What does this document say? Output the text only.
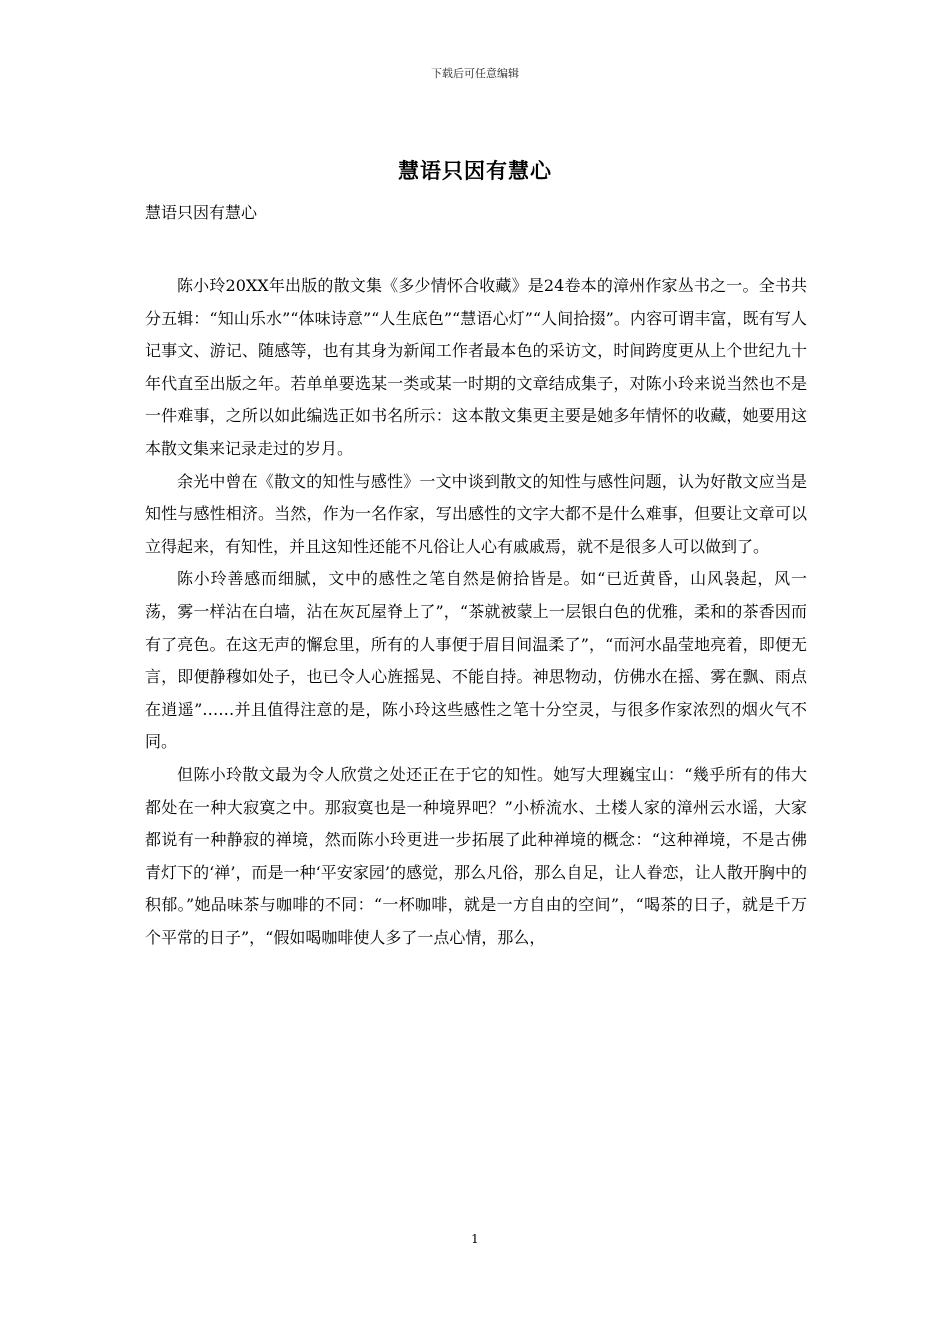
下载后可任意编辑
慧语只因有慧心
慧语只因有慧心

陈小玲20XX年出版的散文集《多少情怀合收藏》是24卷本的漳州作家丛书之一。全书共分五辑：“知山乐水”“体味诗意”“人生底色”“慧语心灯”“人间拾掇”。内容可谓丰富，既有写人记事文、游记、随感等，也有其身为新闻工作者最本色的采访文，时间跨度更从上个世纪九十年代直至出版之年。若单单要选某一类或某一时期的文章结成集子，对陈小玲来说当然也不是一件难事，之所以如此编选正如书名所示：这本散文集更主要是她多年情怀的收藏，她要用这本散文集来记录走过的岁月。

余光中曾在《散文的知性与感性》一文中谈到散文的知性与感性问题，认为好散文应当是知性与感性相济。当然，作为一名作家，写出感性的文字大都不是什么难事，但要让文章可以立得起来，有知性，并且这知性还能不凡俗让人心有戚戚焉，就不是很多人可以做到了。

陈小玲善感而细腻，文中的感性之笔自然是俯拾皆是。如“已近黄昏，山风袅起，风一荡，雾一样沾在白墙，沾在灰瓦屋脊上了”，“茶就被蒙上一层银白色的优雅，柔和的茶香因而有了亮色。在这无声的懈怠里，所有的人事便于眉目间温柔了”，“而河水晶莹地亮着，即便无言，即便静穆如处子，也已令人心旌摇晃、不能自持。神思物动，仿佛水在摇、雾在飘、雨点在逍遥”……并且值得注意的是，陈小玲这些感性之笔十分空灵，与很多作家浓烈的烟火气不同。

但陈小玲散文最为令人欣赏之处还正在于它的知性。她写大理巍宝山：“幾乎所有的伟大都处在一种大寂寞之中。那寂寞也是一种境界吧？”小桥流水、土楼人家的漳州云水谣，大家都说有一种静寂的禅境，然而陈小玲更进一步拓展了此种禅境的概念：“这种禅境，不是古佛青灯下的‘禅’，而是一种‘平安家园’的感觉，那么凡俗，那么自足，让人眷恋，让人散开胸中的积郁。”她品味茶与咖啡的不同：“一杯咖啡，就是一方自由的空间”，“喝茶的日子，就是千万个平常的日子”，“假如喝咖啡使人多了一点心情，那么，

1
